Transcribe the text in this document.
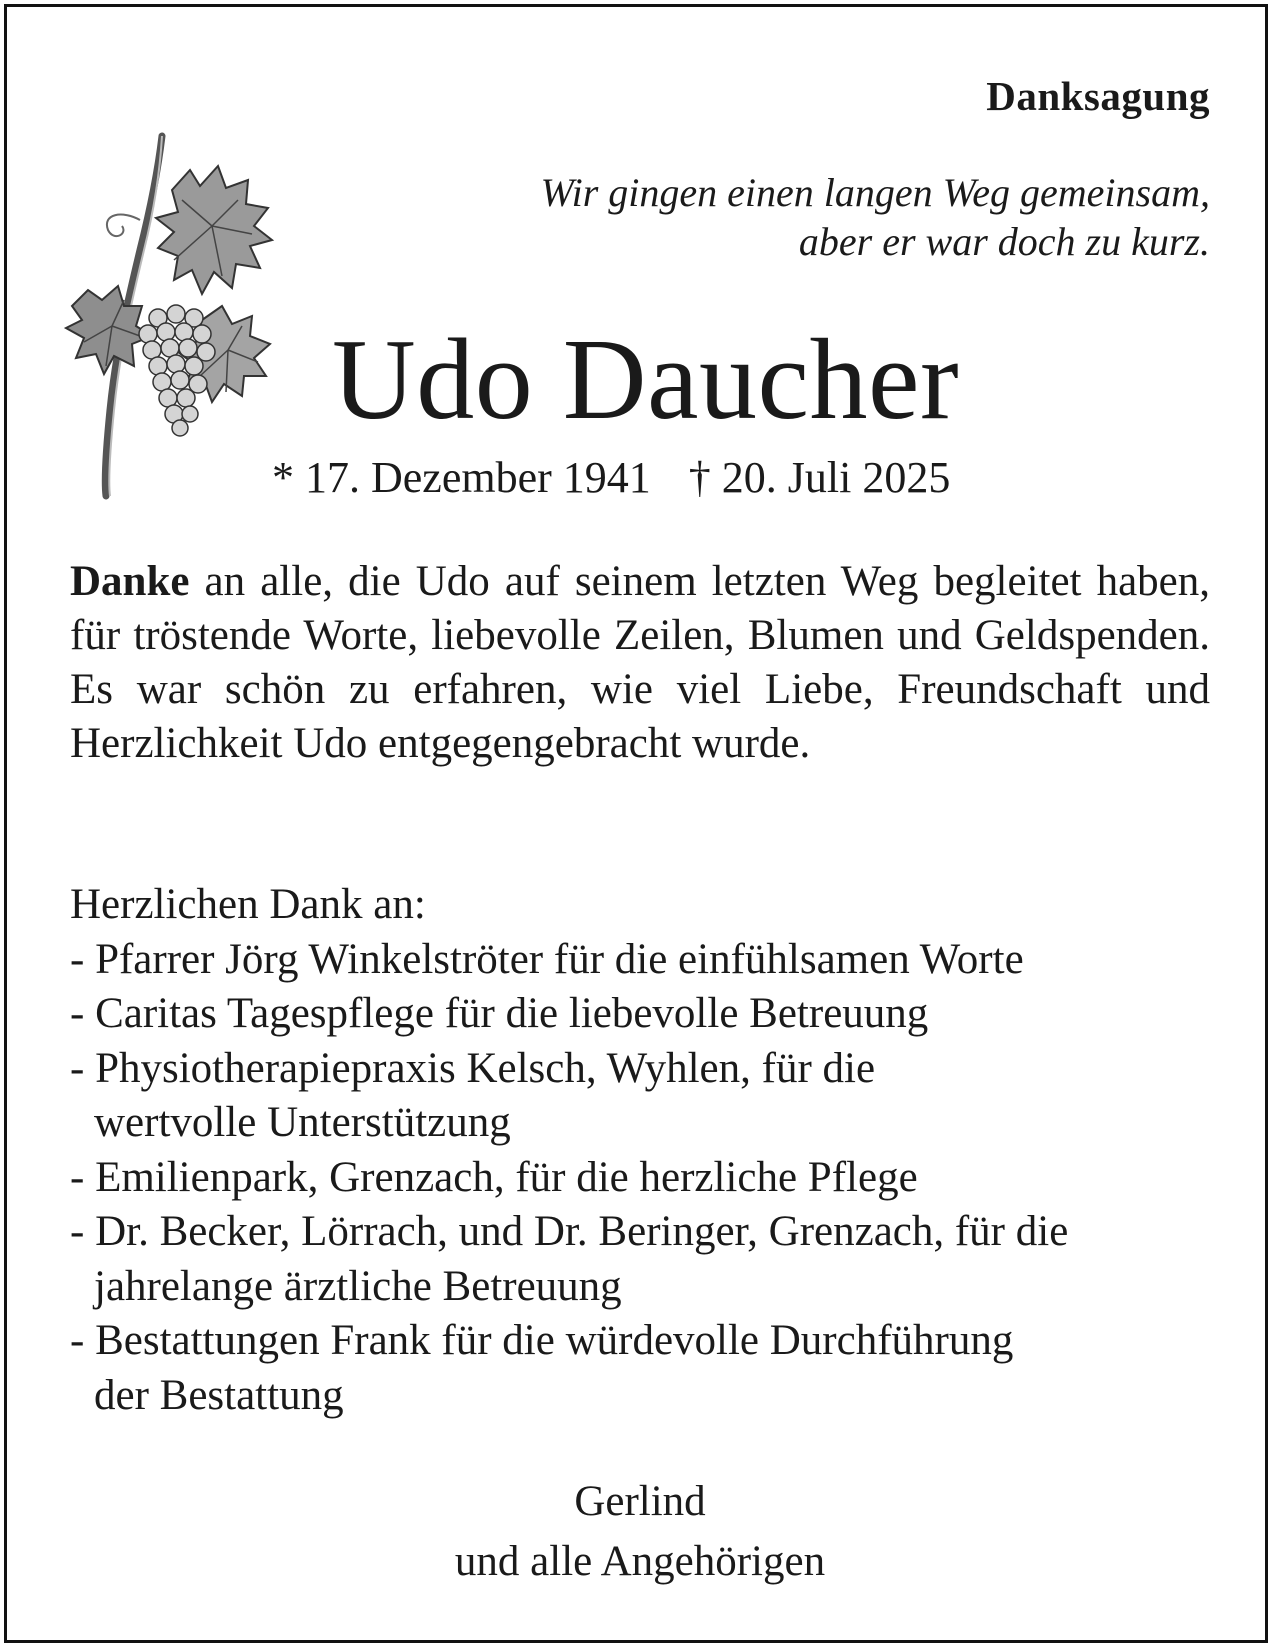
Danksagung
Wir gingen einen langen Weg gemeinsam,
aber er war doch zu kurz.
Udo Daucher
* 17. Dezember 1941 † 20. Juli 2025
Danke an alle, die Udo auf seinem letzten Weg begleitet haben, für tröstende Worte, liebevolle Zeilen, Blumen und Geldspenden. Es war schön zu erfahren, wie viel Liebe, Freundschaft und Herzlichkeit Udo entgegengebracht wurde.
Herzlichen Dank an:
- Pfarrer Jörg Winkelströter für die einfühlsamen Worte
- Caritas Tagespflege für die liebevolle Betreuung
- Physiotherapiepraxis Kelsch, Wyhlen, für die
wertvolle Unterstützung
- Emilienpark, Grenzach, für die herzliche Pflege
- Dr. Becker, Lörrach, und Dr. Beringer, Grenzach, für die
jahrelange ärztliche Betreuung
- Bestattungen Frank für die würdevolle Durchführung
der Bestattung
Gerlind
und alle Angehörigen
